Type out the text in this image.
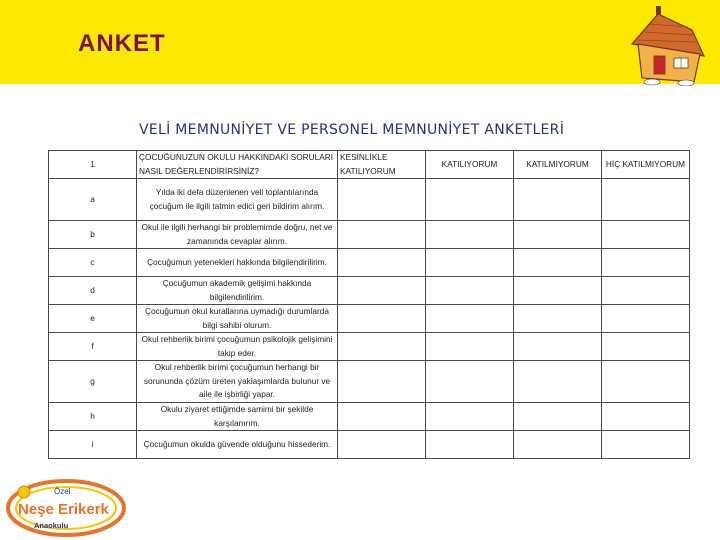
ANKET
VELİ MEMNUNİYET VE PERSONEL MEMNUNİYET ANKETLERİ
1	ÇOCUĞUNUZUN OKULU HAKKINDAKİ SORULARI NASIL DEĞERLENDİRİRSİNİZ?	KESİNLİKLE KATILIYORUM	KATILIYORUM	KATILMIYORUM	HİÇ KATILMIYORUM
a	Yılda iki defa düzenlenen veli toplantılarında çocuğum ile ilgili tatmin edici geri bildirim alırım.				
b	Okul ile ilgili herhangi bir problemimde doğru, net ve zamanında cevaplar alırım.				
c	Çocuğumun yetenekleri hakkında bilgilendirilirim.				
d	Çocuğumun akademik gelişimi hakkında bilgilendirilirim.				
e	Çocuğumun okul kurallarına uymadığı durumlarda bilgi sahibi olurum.				
f	Okul rehberlik birimi çocuğumun psikolojik gelişimini takip eder.				
g	Okul rehberlik birimi çocuğumun herhangi bir sorununda çözüm üreten yaklaşımlarda bulunur ve aile ile işbirliği yapar.				
h	Okulu ziyaret ettiğimde samimi bir şekilde karşılanırım.				
i	Çocuğumun okulda güvende olduğunu hissederim.				
Özel
Neşe Erikerk
Anaokulu
